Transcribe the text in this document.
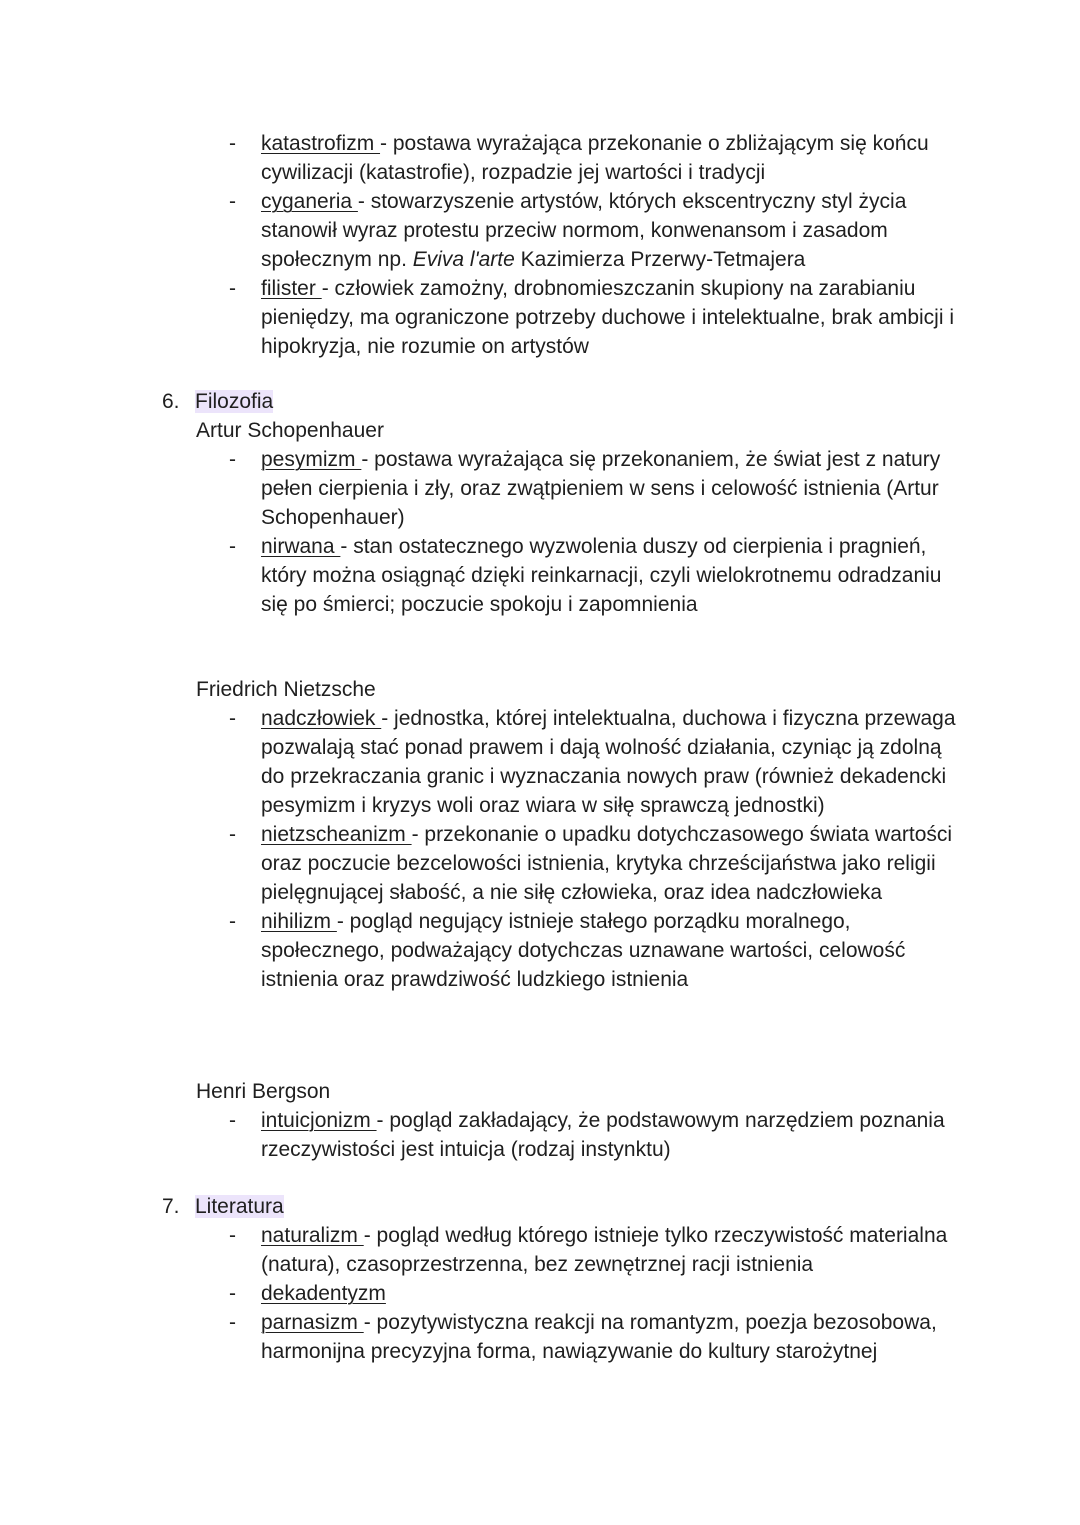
- katastrofizm - postawa wyrażająca przekonanie o zbliżającym się końcu cywilizacji (katastrofie), rozpadzie jej wartości i tradycji
- cyganeria - stowarzyszenie artystów, których ekscentryczny styl życia stanowił wyraz protestu przeciw normom, konwenansom i zasadom społecznym np. Eviva l'arte Kazimierza Przerwy-Tetmajera
- filister - człowiek zamożny, drobnomieszczanin skupiony na zarabianiu pieniędzy, ma ograniczone potrzeby duchowe i intelektualne, brak ambicji i hipokryzja, nie rozumie on artystów
6. Filozofia
Artur Schopenhauer
- pesymizm - postawa wyrażająca się przekonaniem, że świat jest z natury pełen cierpienia i zły, oraz zwątpieniem w sens i celowość istnienia (Artur Schopenhauer)
- nirwana - stan ostatecznego wyzwolenia duszy od cierpienia i pragnień, który można osiągnąć dzięki reinkarnacji, czyli wielokrotnemu odradzaniu się po śmierci; poczucie spokoju i zapomnienia
Friedrich Nietzsche
- nadczłowiek - jednostka, której intelektualna, duchowa i fizyczna przewaga pozwalają stać ponad prawem i dają wolność działania, czyniąc ją zdolną do przekraczania granic i wyznaczania nowych praw (również dekadencki pesymizm i kryzys woli oraz wiara w siłę sprawczą jednostki)
- nietzscheanizm - przekonanie o upadku dotychczasowego świata wartości oraz poczucie bezcelowości istnienia, krytyka chrześcijaństwa jako religii pielęgnującej słabość, a nie siłę człowieka, oraz idea nadczłowieka
- nihilizm - pogląd negujący istnieje stałego porządku moralnego, społecznego, podważający dotychczas uznawane wartości, celowość istnienia oraz prawdziwość ludzkiego istnienia
Henri Bergson
- intuicjonizm - pogląd zakładający, że podstawowym narzędziem poznania rzeczywistości jest intuicja (rodzaj instynktu)
7. Literatura
- naturalizm - pogląd według którego istnieje tylko rzeczywistość materialna (natura), czasoprzestrzenna, bez zewnętrznej racji istnienia
- dekadentyzm
- parnasizm - pozytywistyczna reakcji na romantyzm, poezja bezosobowa, harmonijna precyzyjna forma, nawiązywanie do kultury starożytnej
